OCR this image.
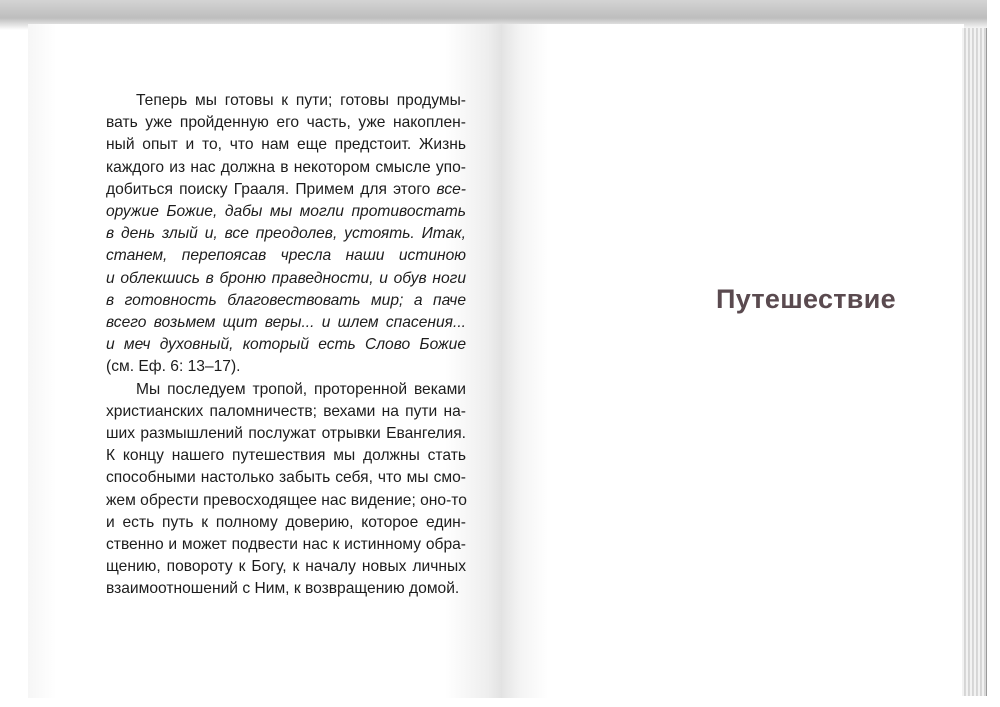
Теперь мы готовы к пути; готовы продумы-
вать уже пройденную его часть, уже накоплен-
ный опыт и то, что нам еще предстоит. Жизнь
каждого из нас должна в некотором смысле упо-
добиться поиску Грааля. Примем для этого все-
оружие Божие, дабы мы могли противостать
в день злый и, все преодолев, устоять. Итак,
станем, перепоясав чресла наши истиною
и облекшись в броню праведности, и обув ноги
в готовность благовествовать мир; а паче
всего возьмем щит веры... и шлем спасения...
и меч духовный, который есть Слово Божие
(см. Еф. 6: 13–17).
Мы последуем тропой, проторенной веками
христианских паломничеств; вехами на пути на-
ших размышлений послужат отрывки Евангелия.
К концу нашего путешествия мы должны стать
способными настолько забыть себя, что мы смо-
жем обрести превосходящее нас видение; оно-то
и есть путь к полному доверию, которое един-
ственно и может подвести нас к истинному обра-
щению, повороту к Богу, к началу новых личных
взаимоотношений с Ним, к возвращению домой.
Путешествие
